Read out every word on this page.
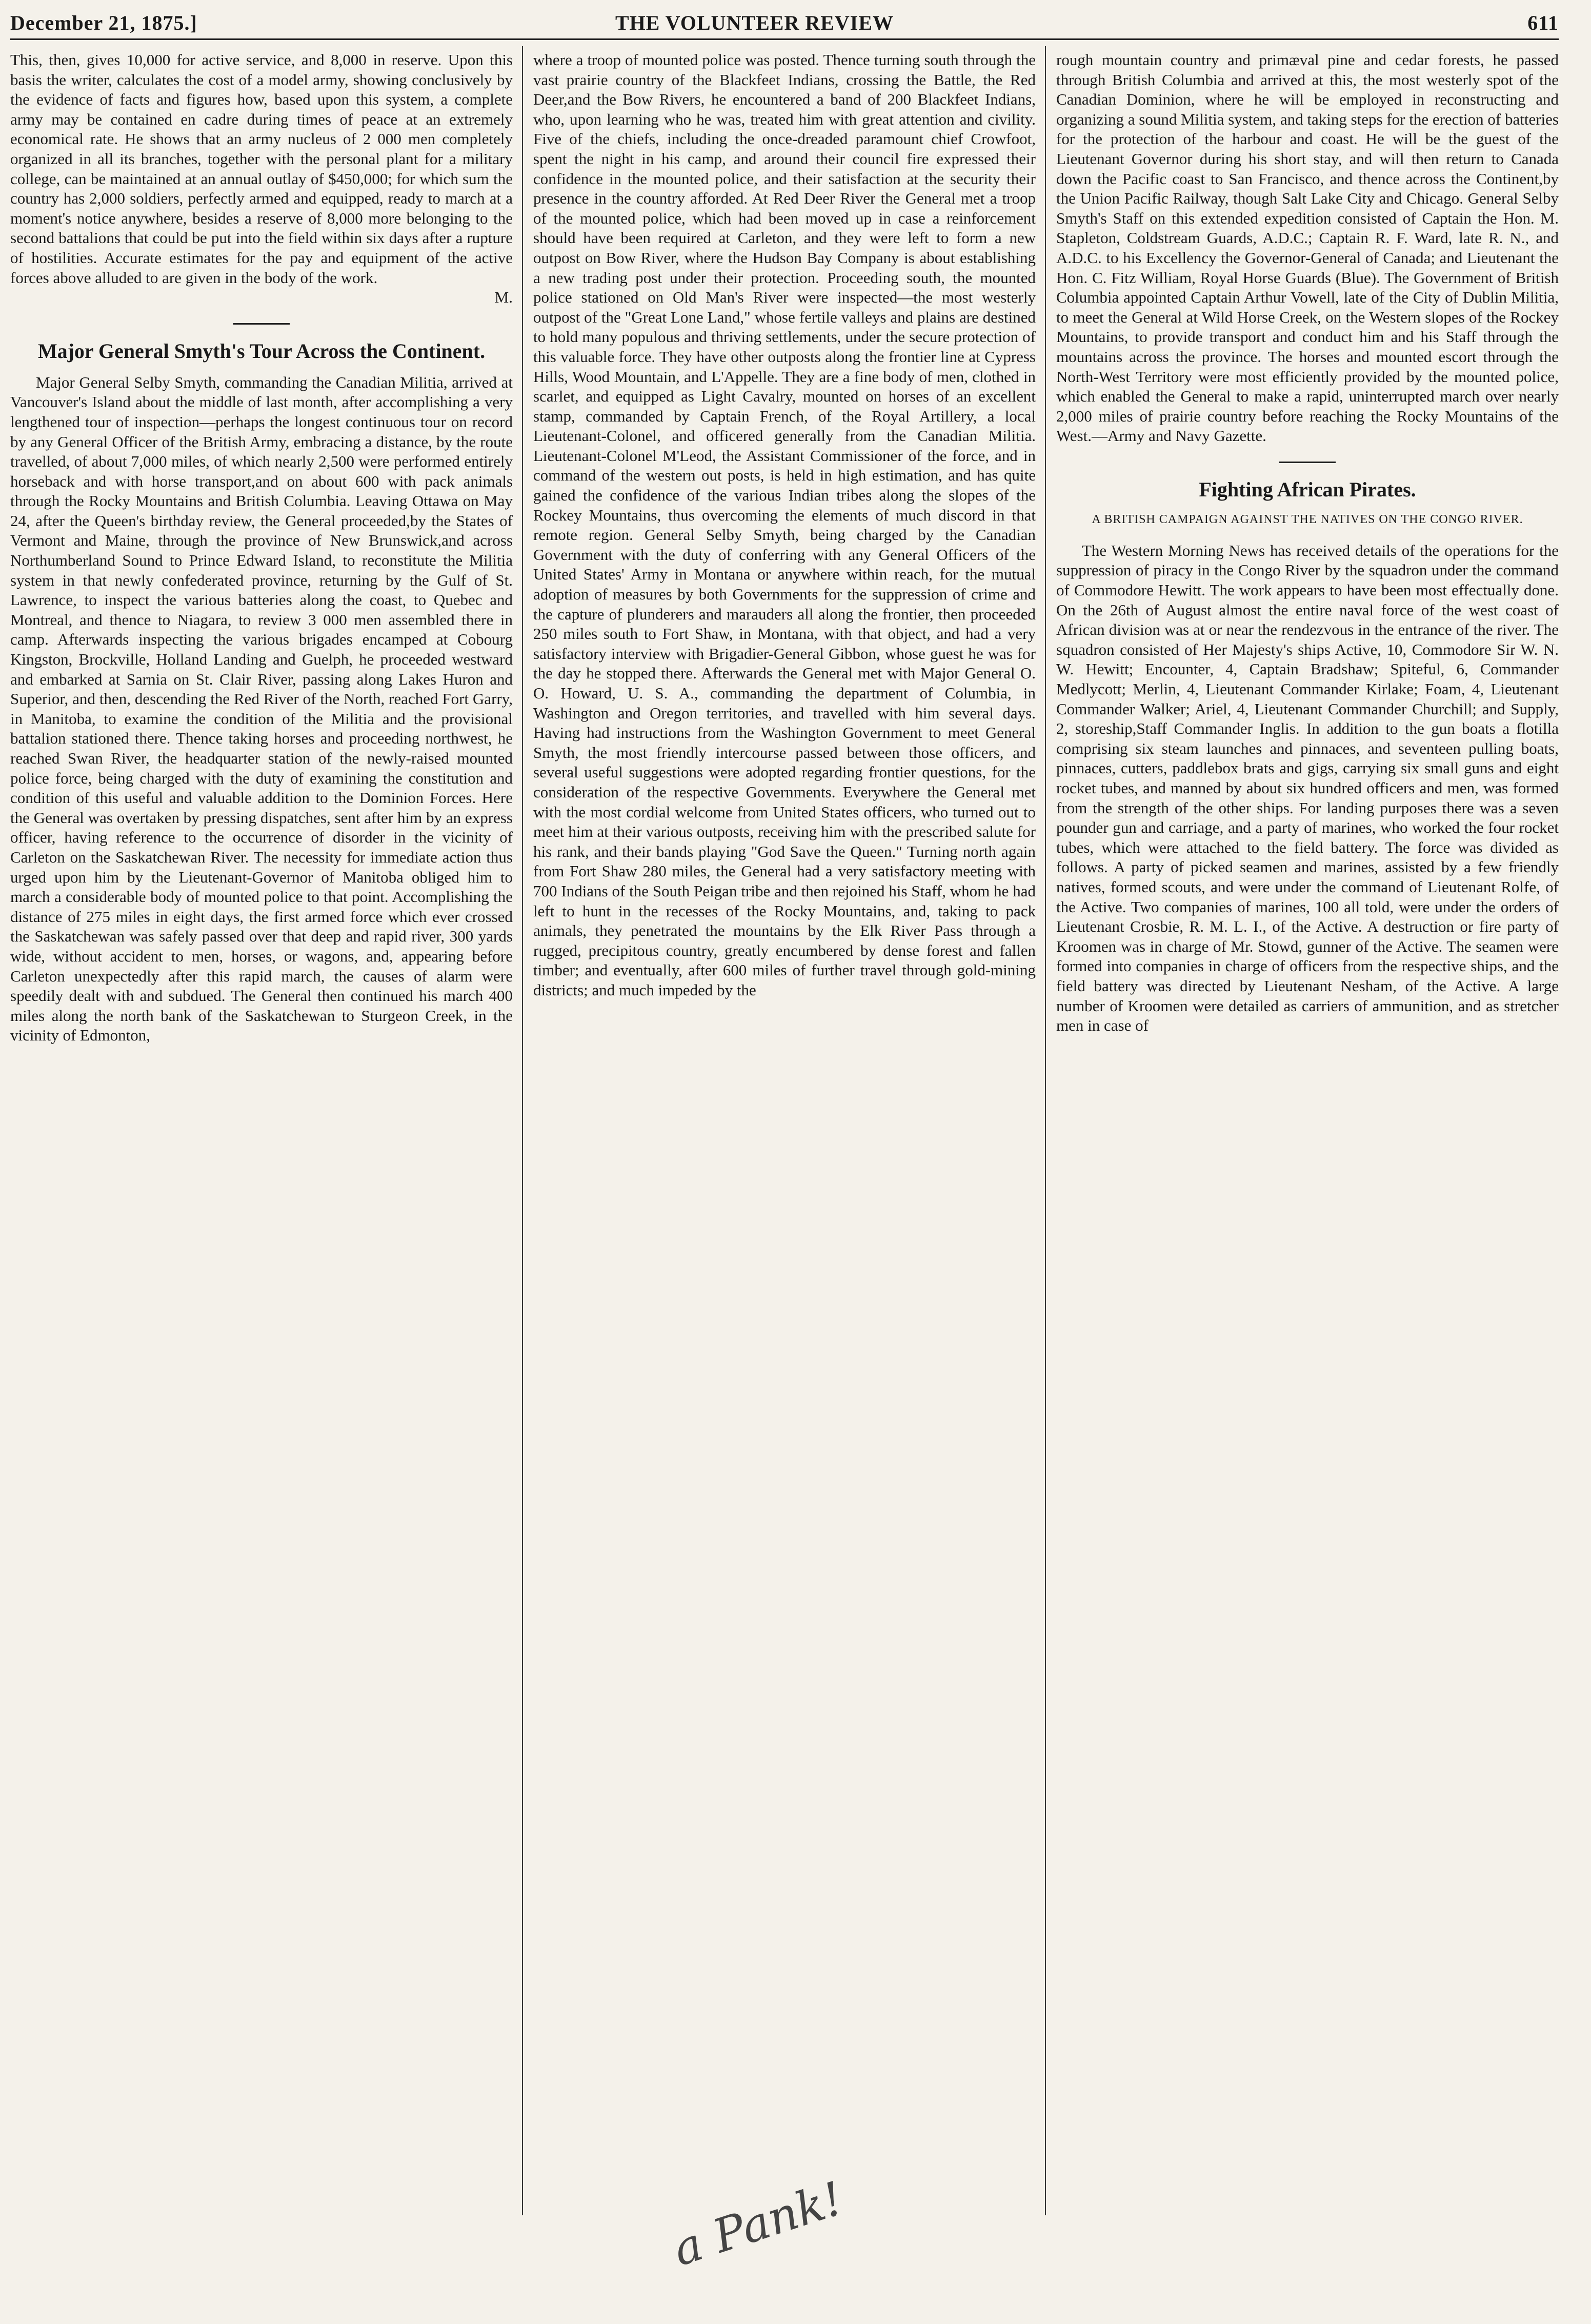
December 21, 1875.]	THE VOLUNTEER REVIEW	611

This, then, gives 10,000 for active service, and 8,000 in reserve. Upon this basis the writer, calculates the cost of a model army, showing conclusively by the evidence of facts and figures how, based upon this system, a complete army may be contained en cadre during times of peace at an extremely economical rate. He shows that an army nucleus of 2 000 men completely organized in all its branches, together with the personal plant for a military college, can be maintained at an annual outlay of $450,000; for which sum the country has 2,000 soldiers, perfectly armed and equipped, ready to march at a moment's notice anywhere, besides a reserve of 8,000 more belonging to the second battalions that could be put into the field within six days after a rupture of hostilities. Accurate estimates for the pay and equipment of the active forces above alluded to are given in the body of the work.

M.

Major General Smyth's Tour Across the Continent.

Major General Selby Smyth, commanding the Canadian Militia, arrived at Vancouver's Island about the middle of last month, after accomplishing a very lengthened tour of inspection—perhaps the longest continuous tour on record by any General Officer of the British Army, embracing a distance, by the route travelled, of about 7,000 miles, of which nearly 2,500 were performed entirely horseback and with horse transport,and on about 600 with pack animals through the Rocky Mountains and British Columbia. Leaving Ottawa on May 24, after the Queen's birthday review, the General proceeded,by the States of Vermont and Maine, through the province of New Brunswick,and across Northumberland Sound to Prince Edward Island, to reconstitute the Militia system in that newly confederated province, returning by the Gulf of St. Lawrence, to inspect the various batteries along the coast, to Quebec and Montreal, and thence to Niagara, to review 3 000 men assembled there in camp. Afterwards inspecting the various brigades encamped at Cobourg Kingston, Brockville, Holland Landing and Guelph, he proceeded westward and embarked at Sarnia on St. Clair River, passing along Lakes Huron and Superior, and then, descending the Red River of the North, reached Fort Garry, in Manitoba, to examine the condition of the Militia and the provisional battalion stationed there. Thence taking horses and proceeding northwest, he reached Swan River, the headquarter station of the newly-raised mounted police force, being charged with the duty of examining the constitution and condition of this useful and valuable addition to the Dominion Forces. Here the General was overtaken by pressing dispatches, sent after him by an express officer, having reference to the occurrence of disorder in the vicinity of Carleton on the Saskatchewan River. The necessity for immediate action thus urged upon him by the Lieutenant-Governor of Manitoba obliged him to march a considerable body of mounted police to that point. Accomplishing the distance of 275 miles in eight days, the first armed force which ever crossed the Saskatchewan was safely passed over that deep and rapid river, 300 yards wide, without accident to men, horses, or wagons, and, appearing before Carleton unexpectedly after this rapid march, the causes of alarm were speedily dealt with and subdued. The General then continued his march 400 miles along the north bank of the Saskatchewan to Sturgeon Creek, in the vicinity of Edmonton,

where a troop of mounted police was posted. Thence turning south through the vast prairie country of the Blackfeet Indians, crossing the Battle, the Red Deer,and the Bow Rivers, he encountered a band of 200 Blackfeet Indians, who, upon learning who he was, treated him with great attention and civility. Five of the chiefs, including the once-dreaded paramount chief Crowfoot, spent the night in his camp, and around their council fire expressed their confidence in the mounted police, and their satisfaction at the security their presence in the country afforded. At Red Deer River the General met a troop of the mounted police, which had been moved up in case a reinforcement should have been required at Carleton, and they were left to form a new outpost on Bow River, where the Hudson Bay Company is about establishing a new trading post under their protection. Proceeding south, the mounted police stationed on Old Man's River were inspected—the most westerly outpost of the "Great Lone Land," whose fertile valleys and plains are destined to hold many populous and thriving settlements, under the secure protection of this valuable force. They have other outposts along the frontier line at Cypress Hills, Wood Mountain, and L'Appelle. They are a fine body of men, clothed in scarlet, and equipped as Light Cavalry, mounted on horses of an excellent stamp, commanded by Captain French, of the Royal Artillery, a local Lieutenant-Colonel, and officered generally from the Canadian Militia. Lieutenant-Colonel M'Leod, the Assistant Commissioner of the force, and in command of the western out posts, is held in high estimation, and has quite gained the confidence of the various Indian tribes along the slopes of the Rockey Mountains, thus overcoming the elements of much discord in that remote region. General Selby Smyth, being charged by the Canadian Government with the duty of conferring with any General Officers of the United States' Army in Montana or anywhere within reach, for the mutual adoption of measures by both Governments for the suppression of crime and the capture of plunderers and marauders all along the frontier, then proceeded 250 miles south to Fort Shaw, in Montana, with that object, and had a very satisfactory interview with Brigadier-General Gibbon, whose guest he was for the day he stopped there. Afterwards the General met with Major General O. O. Howard, U. S. A., commanding the department of Columbia, in Washington and Oregon territories, and travelled with him several days. Having had instructions from the Washington Government to meet General Smyth, the most friendly intercourse passed between those officers, and several useful suggestions were adopted regarding frontier questions, for the consideration of the respective Governments. Everywhere the General met with the most cordial welcome from United States officers, who turned out to meet him at their various outposts, receiving him with the prescribed salute for his rank, and their bands playing "God Save the Queen." Turning north again from Fort Shaw 280 miles, the General had a very satisfactory meeting with 700 Indians of the South Peigan tribe and then rejoined his Staff, whom he had left to hunt in the recesses of the Rocky Mountains, and, taking to pack animals, they penetrated the mountains by the Elk River Pass through a rugged, precipitous country, greatly encumbered by dense forest and fallen timber; and eventually, after 600 miles of further travel through gold-mining districts; and much impeded by the

rough mountain country and primæval pine and cedar forests, he passed through British Columbia and arrived at this, the most westerly spot of the Canadian Dominion, where he will be employed in reconstructing and organizing a sound Militia system, and taking steps for the erection of batteries for the protection of the harbour and coast. He will be the guest of the Lieutenant Governor during his short stay, and will then return to Canada down the Pacific coast to San Francisco, and thence across the Continent,by the Union Pacific Railway, though Salt Lake City and Chicago. General Selby Smyth's Staff on this extended expedition consisted of Captain the Hon. M. Stapleton, Coldstream Guards, A.D.C.; Captain R. F. Ward, late R. N., and A.D.C. to his Excellency the Governor-General of Canada; and Lieutenant the Hon. C. Fitz William, Royal Horse Guards (Blue). The Government of British Columbia appointed Captain Arthur Vowell, late of the City of Dublin Militia, to meet the General at Wild Horse Creek, on the Western slopes of the Rockey Mountains, to provide transport and conduct him and his Staff through the mountains across the province. The horses and mounted escort through the North-West Territory were most efficiently provided by the mounted police, which enabled the General to make a rapid, uninterrupted march over nearly 2,000 miles of prairie country before reaching the Rocky Mountains of the West.—Army and Navy Gazette.

Fighting African Pirates.
A BRITISH CAMPAIGN AGAINST THE NATIVES ON THE CONGO RIVER.

The Western Morning News has received details of the operations for the suppression of piracy in the Congo River by the squadron under the command of Commodore Hewitt. The work appears to have been most effectually done. On the 26th of August almost the entire naval force of the west coast of African division was at or near the rendezvous in the entrance of the river. The squadron consisted of Her Majesty's ships Active, 10, Commodore Sir W. N. W. Hewitt; Encounter, 4, Captain Bradshaw; Spiteful, 6, Commander Medlycott; Merlin, 4, Lieutenant Commander Kirlake; Foam, 4, Lieutenant Commander Walker; Ariel, 4, Lieutenant Commander Churchill; and Supply, 2, storeship,Staff Commander Inglis. In addition to the gun boats a flotilla comprising six steam launches and pinnaces, and seventeen pulling boats, pinnaces, cutters, paddlebox brats and gigs, carrying six small guns and eight rocket tubes, and manned by about six hundred officers and men, was formed from the strength of the other ships. For landing purposes there was a seven pounder gun and carriage, and a party of marines, who worked the four rocket tubes, which were attached to the field battery. The force was divided as follows. A party of picked seamen and marines, assisted by a few friendly natives, formed scouts, and were under the command of Lieutenant Rolfe, of the Active. Two companies of marines, 100 all told, were under the orders of Lieutenant Crosbie, R. M. L. I., of the Active. A destruction or fire party of Kroomen was in charge of Mr. Stowd, gunner of the Active. The seamen were formed into companies in charge of officers from the respective ships, and the field battery was directed by Lieutenant Nesham, of the Active. A large number of Kroomen were detailed as carriers of ammunition, and as stretcher men in case of

a Pank!
